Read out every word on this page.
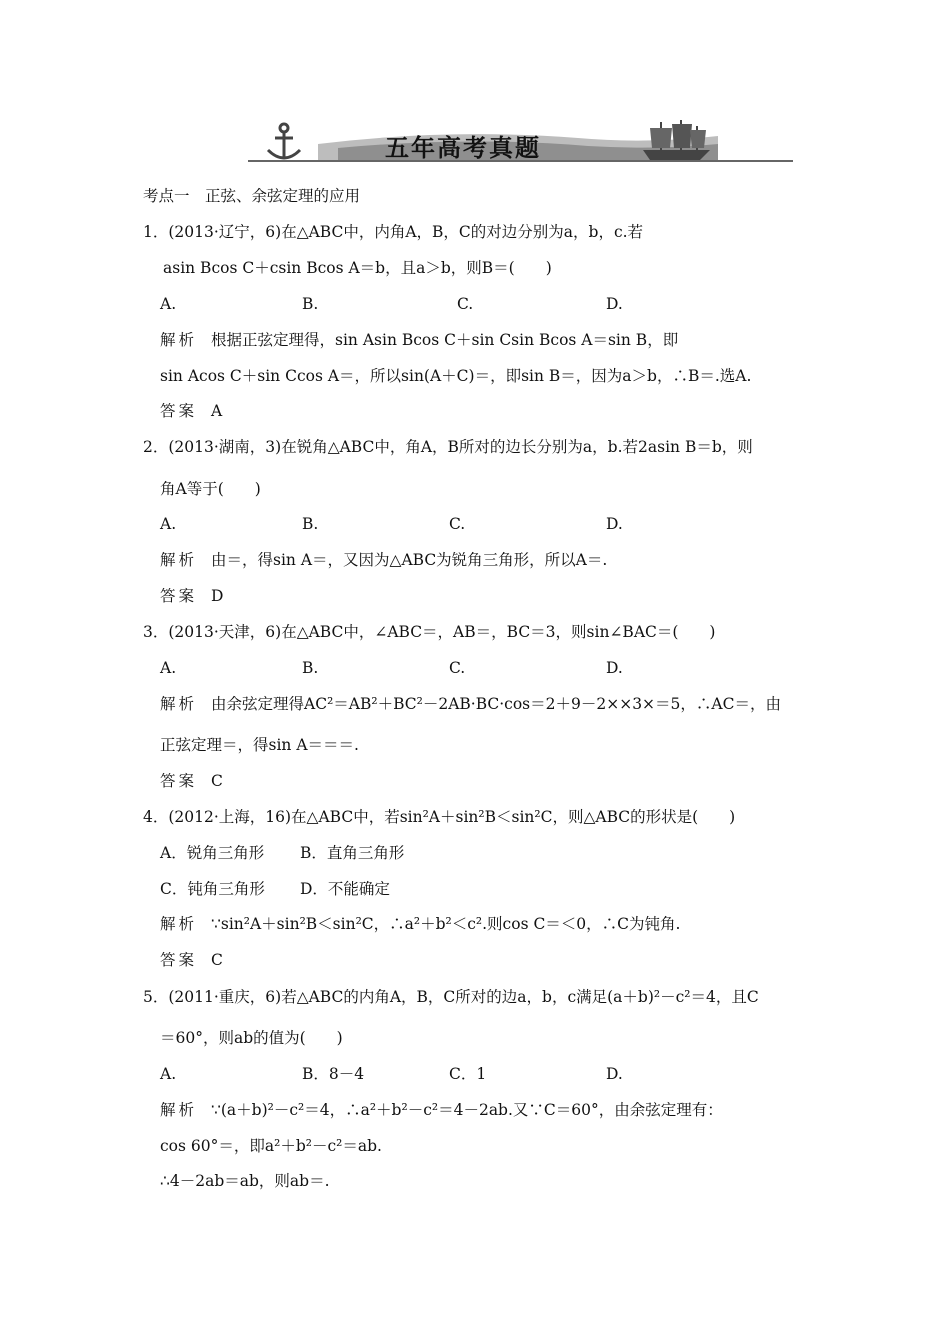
五年高考真题
考点一　正弦、余弦定理的应用
1．(2013·辽宁，6)在△ABC中，内角A，B，C的对边分别为a，b，c.若
asin Bcos C＋csin Bcos A＝b，且a＞b，则B＝(　　)
A.	B.	C.	D.
解析 根据正弦定理得，sin Asin Bcos C＋sin Csin Bcos A＝sin B，即
sin Acos C＋sin Ccos A＝，所以sin(A＋C)＝，即sin B＝，因为a＞b，∴B＝.选A.
答案 A
2．(2013·湖南，3)在锐角△ABC中，角A，B所对的边长分别为a，b.若2asin B＝b，则
角A等于(　　)
A.	B.	C.	D.
解析 由＝，得sin A＝，又因为△ABC为锐角三角形，所以A＝.
答案 D
3．(2013·天津，6)在△ABC中，∠ABC＝，AB＝，BC＝3，则sin∠BAC＝(　　)
A.	B.	C.	D.
解析 由余弦定理得AC²＝AB²＋BC²－2AB·BC·cos＝2＋9－2××3×＝5，∴AC＝，由
正弦定理＝，得sin A＝＝＝.
答案 C
4．(2012·上海，16)在△ABC中，若sin²A＋sin²B＜sin²C，则△ABC的形状是(　　)
A．锐角三角形 B．直角三角形
C．钝角三角形 D．不能确定
解析 ∵sin²A＋sin²B＜sin²C，∴a²＋b²＜c².则cos C＝＜0，∴C为钝角.
答案 C
5．(2011·重庆，6)若△ABC的内角A，B，C所对的边a，b，c满足(a＋b)²－c²＝4，且C
＝60°，则ab的值为(　　)
A.	B．8－4	C．1	D.
解析 ∵(a＋b)²－c²＝4，∴a²＋b²－c²＝4－2ab.又∵C＝60°，由余弦定理有：
cos 60°＝，即a²＋b²－c²＝ab.
∴4－2ab＝ab，则ab＝.
